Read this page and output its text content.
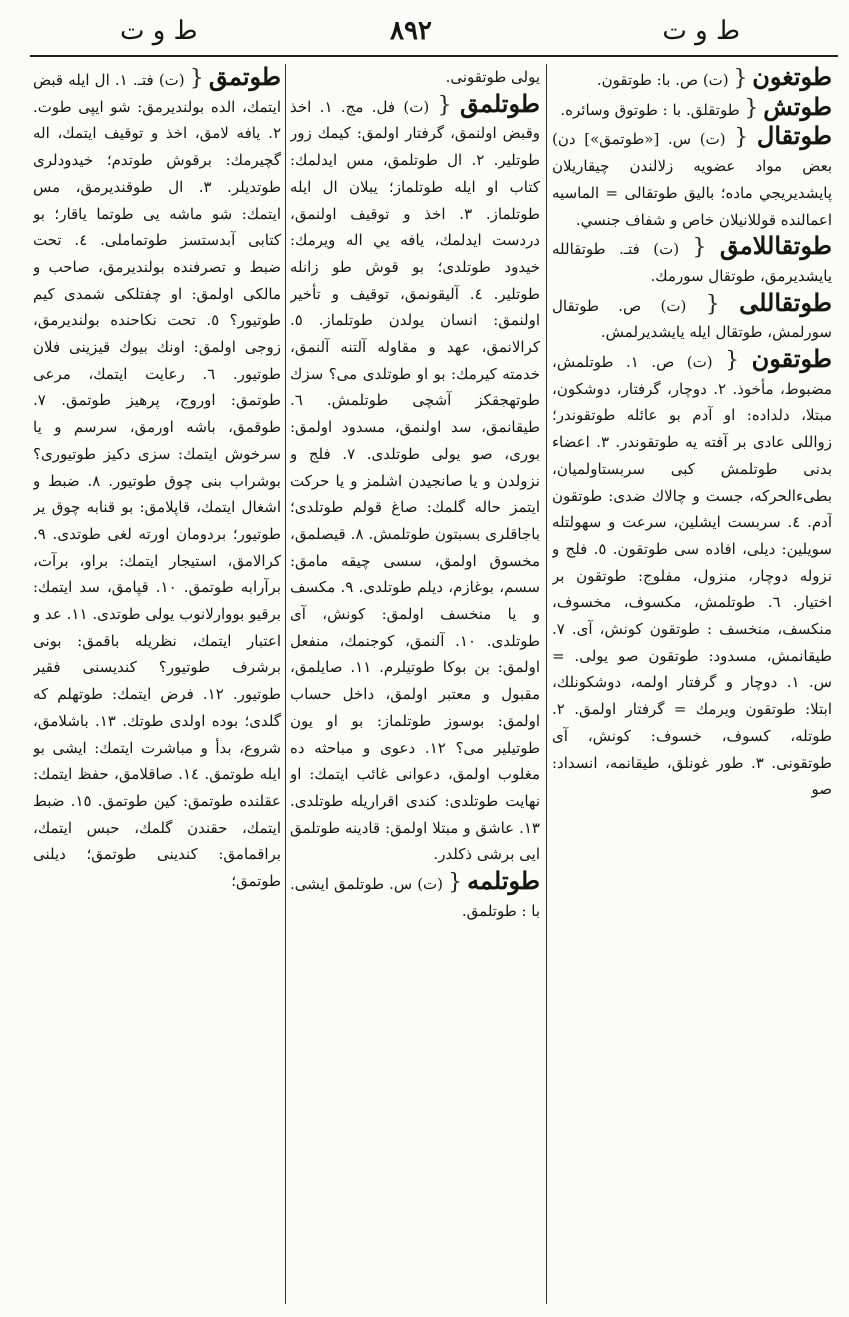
ط و ت	٨٩٢	ط و ت

طوتغون { (ت) ص. با: طوتقون.

طوتش { طوتقلق. با : طوتوق وسائره.

طوتقال { (ت) س. [«طوتمق»] دن) بعض مواد عضويه زلالندن چيقاريلان پايشديريجي ماده؛ باليق طوتقالى = الماسيه اعمالنده قوللانيلان خاص و شفاف جنسي.

طوتقاللامق { (ت) فتـ. طوتقالله يايشديرمق، طوتقال سورمك.

طوتقاللى { (ت) ص. طوتقال سورلمش، طوتقال ايله يايشديرلمش.

طوتقون { (ت) ص. ١. طوتلمش، مضبوط، مأخوذ. ٢. دوچار، گرفتار، دوشكون، مبتلا، دلداده: او آدم بو عائله طوتقوندر؛ زواللى عادى بر آفته يه طوتقوندر. ٣. اعضاء بدنى طوتلمش كبى سربستاولميان، بطىءالحركه، جست و چالاك ضدى: طوتقون آدم. ٤. سربست ايشلين، سرعت و سهولتله سويلين: ديلى، افاده سى طوتقون. ٥. فلج و نزوله دوچار، منزول، مفلوج: طوتقون بر اختيار. ٦. طوتلمش، مكسوف، مخسوف، منكسف، منخسف : طوتقون كونش، آى. ٧. طيقانمش، مسدود: طوتقون صو يولى. = س. ١. دوچار و گرفتار اولمه، دوشكونلك، ابتلا: طوتقون ويرمك = گرفتار اولمق. ٢. طوتله، كسوف، خسوف: كونش، آى طوتقونى. ٣. طور غونلق، طيقانمه، انسداد: صو

يولى طوتقونى.

طوتلمق { (ت) فل. مج. ١. اخذ وقبض اولنمق، گرفتار اولمق: كيمك زور طوتلير. ٢. ال طوتلمق، مس ايدلمك: كتاب او ايله طوتلماز؛ يبلان ال ايله طوتلماز. ٣. اخذ و توقيف اولنمق، دردست ايدلمك، يافه يي اله ويرمك: خيدود طوتلدى؛ بو قوش طو زانله طوتلير. ٤. آليقونمق، توقيف و تأخير اولنمق: انسان يولدن طوتلماز. ٥. كرالانمق، عهد و مقاوله آلتنه آلنمق، خدمته كيرمك: بو او طوتلدى مى؟ سزك طوتهجقكز آشچى طوتلمش. ٦. طيقانمق، سد اولنمق، مسدود اولمق: بورى، صو يولى طوتلدى. ٧. فلج و نزولدن و يا صانجيدن اشلمز و يا حركت ايتمز حاله گلمك: صاغ قولم طوتلدى؛ باجاقلرى بسبتون طوتلمش. ٨. قيصلمق، مخسوق اولمق، سسى چيقه مامق: سسم، بوغازم، ديلم طوتلدى. ٩. مكسف و يا منخسف اولمق: كونش، آى طوتلدى. ١٠. آلنمق، كوجنمك، منفعل اولمق: بن بوكا طوتيلرم. ١١. صايلمق، مقبول و معتبر اولمق، داخل حساب اولمق: بوسوز طوتلماز: بو او يون طوتيلير مى؟ ١٢. دعوى و مباحثه ده مغلوب اولمق، دعوانى غائب ايتمك: او نهايت طوتلدى: كندى اقراريله طوتلدى. ١٣. عاشق و مبتلا اولمق: قادينه طوتلمق ايى برشى ذكلدر.

طوتلمه { (ت) س. طوتلمق ايشى. با : طوتلمق.

طوتمق { (ت) فتـ. ١. ال ايله قبض ايتمك، الده بولنديرمق: شو ايپى طوت. ٢. يافه لامق، اخذ و توقيف ايتمك، اله گچيرمك: برقوش طوتدم؛ خيدودلرى طوتديلر. ٣. ال طوقنديرمق، مس ايتمك: شو ماشه يى طوتما ياقار؛ بو كتابى آبدستسز طوتماملى. ٤. تحت ضبط و تصرفنده بولنديرمق، صاحب و مالكى اولمق: او چفتلكى شمدى كيم طوتيور؟ ٥. تحت نكاحنده بولنديرمق، زوجى اولمق: اونك بيوك قيزينى فلان طوتيور. ٦. رعايت ايتمك، مرعى طوتمق: اوروج، پرهيز طوتمق. ٧. طوقمق، باشه اورمق، سرسم و يا سرخوش ايتمك: سزى دكيز طوتيورى؟ بوشراب بنى چوق طوتيور. ٨. ضبط و اشغال ايتمك، قاپلامق: بو قنابه چوق ير طوتيور؛ بردومان اورته لغى طوتدى. ٩. كرالامق، استيجار ايتمك: براو، برآت، برآرابه طوتمق. ١٠. قپامق، سد ايتمك: برقيو بووارلانوب يولى طوتدى. ١١. عد و اعتبار ايتمك، نظريله باقمق: بونى برشرف طوتيور؟ كنديسنى فقير طوتيور. ١٢. فرض ايتمك: طوتهلم كه گلدى؛ بوده اولدى طوتك. ١٣. باشلامق، شروع، بدأ و مباشرت ايتمك: ايشى بو ايله طوتمق. ١٤. صاقلامق، حفظ ايتمك: عقلنده طوتمق: كين طوتمق. ١٥. ضبط ايتمك، حقندن گلمك، حبس ايتمك، براقمامق: كندينى طوتمق؛ ديلنى طوتمق؛
